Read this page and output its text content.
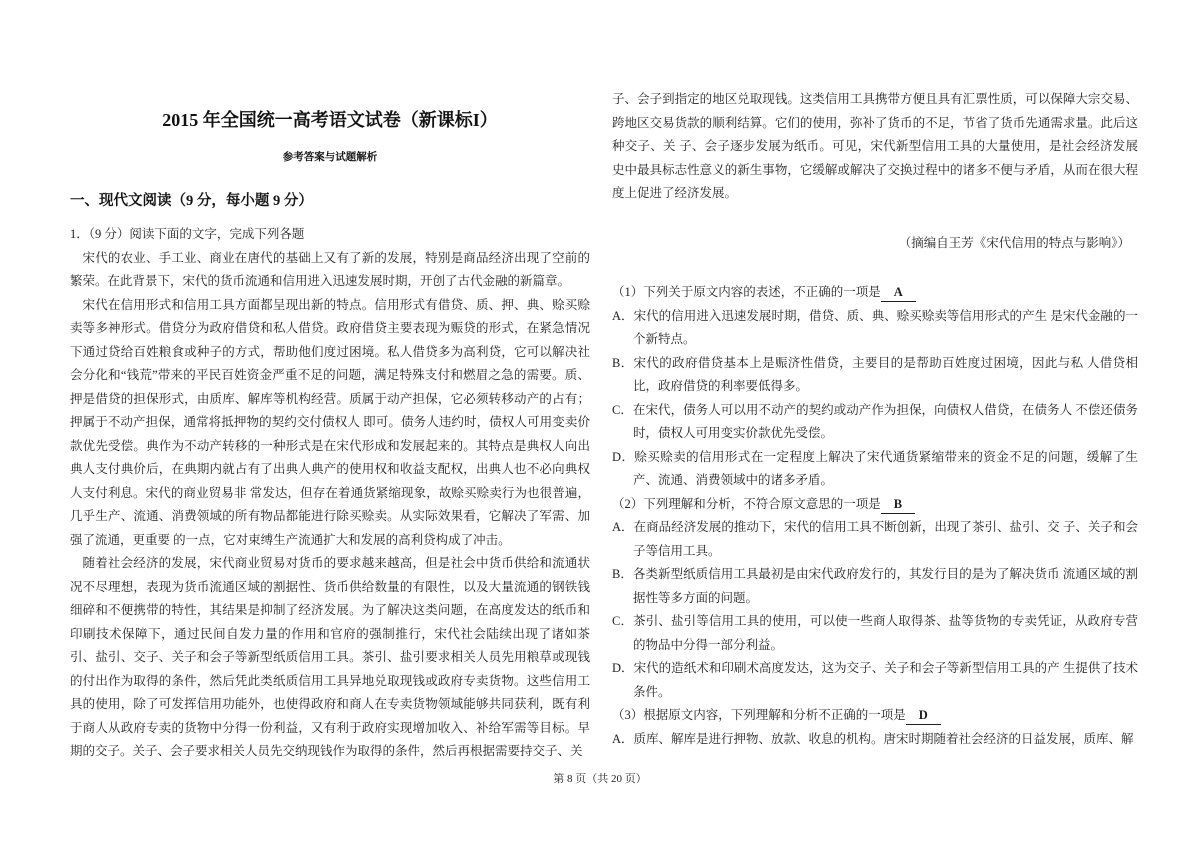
2015 年全国统一高考语文试卷（新课标I）
参考答案与试题解析
一、现代文阅读（9 分，每小题 9 分）

1．（9 分）阅读下面的文字，完成下列各题

宋代的农业、手工业、商业在唐代的基础上又有了新的发展，特别是商品经济出现了空前的繁荣。在此背景下，宋代的货币流通和信用进入迅速发展时期，开创了古代金融的新篇章。

宋代在信用形式和信用工具方面都呈现出新的特点。信用形式有借贷、质、押、典、赊买赊卖等多神形式。借贷分为政府借贷和私人借贷。政府借贷主要表现为赈贷的形式，在紧急情况下通过贷给百姓粮食或种子的方式，帮助他们度过困境。私人借贷多为高利贷，它可以解决社会分化和“钱荒”带来的平民百姓资金严重不足的问题，满足特殊支付和燃眉之急的需要。质、押是借贷的担保形式，由质库、解库等机构经营。质属于动产担保，它必须转移动产的占有；押属于不动产担保，通常将抵押物的契约交付债权人 即可。债务人违约时，债权人可用变卖价款优先受偿。典作为不动产转移的一种形式是在宋代形成和发展起来的。其特点是典权人向出典人支付典价后，在典期内就占有了出典人典产的使用权和收益支配权，出典人也不必向典权人支付利息。宋代的商业贸易非 常发达，但存在着通货紧缩现象，故赊买赊卖行为也很普遍，几乎生产、流通、消费领域的所有物品都能进行除买赊卖。从实际效果看，它解决了军需、加强了流通，更重要 的一点，它对束缚生产流通扩大和发展的高利贷构成了冲击。

随着社会经济的发展，宋代商业贸易对货币的要求越来越高，但是社会中货币供给和流通状况不尽理想，表现为货币流通区域的割据性、货币供给数量的有限性，以及大量流通的钢铁钱细碎和不便携带的特性，其结果是抑制了经济发展。为了解决这类问题，在高度发达的纸币和印刷技术保障下，通过民间自发力量的作用和官府的强制推行，宋代社会陆续出现了诸如茶引、盐引、交子、关子和会子等新型纸质信用工具。茶引、盐引要求相关人员先用粮草或现钱的付出作为取得的条件，然后凭此类纸质信用工具异地兑取现钱或政府专卖货物。这些信用工具的使用，除了可发挥信用功能外，也使得政府和商人在专卖货物领域能够共同获利，既有利于商人从政府专卖的货物中分得一份利益，又有利于政府实现增加收入、补给军需等目标。早期的交子。关子、会子要求相关人员先交纳现钱作为取得的条件，然后再根据需要持交子、关

子、会子到指定的地区兑取现钱。这类信用工具携带方便且具有汇票性质，可以保障大宗交易、跨地区交易货款的顺利结算。它们的使用，弥补了货币的不足，节省了货币先通需求量。此后这种交子、关 子、会子逐步发展为纸币。可见，宋代新型信用工具的大量使用，是社会经济发展史中最具标志性意义的新生事物，它缓解或解决了交换过程中的诸多不便与矛盾，从而在很大程度上促进了经济发展。

（摘编自王芳《宋代信用的特点与影响》）

（1）下列关于原文内容的表述，不正确的一项是 A

A．宋代的信用进入迅速发展时期，借贷、质、典、赊买赊卖等信用形式的产生 是宋代金融的一个新特点。

B．宋代的政府借贷基本上是赈济性借贷，主要目的是帮助百姓度过困境，因此与私 人借贷相比，政府借贷的利率要低得多。

C．在宋代，债务人可以用不动产的契约或动产作为担保，向债权人借贷，在债务人 不偿还债务时，债权人可用变实价款优先受偿。

D．赊买赊卖的信用形式在一定程度上解决了宋代通货紧缩带来的资金不足的问题，缓解了生产、流通、消费领域中的诸多矛盾。

（2）下列理解和分析，不符合原文意思的一项是 B

A．在商品经济发展的推动下，宋代的信用工具不断创新，出现了茶引、盐引、交 子、关子和会子等信用工具。

B．各类新型纸质信用工具最初是由宋代政府发行的，其发行目的是为了解决货币 流通区域的割据性等多方面的问题。

C．茶引、盐引等信用工具的使用，可以使一些商人取得茶、盐等货物的专卖凭证，从政府专营的物品中分得一部分利益。

D．宋代的造纸术和印刷术高度发达，这为交子、关子和会子等新型信用工具的产 生提供了技术条件。

（3）根据原文内容，下列理解和分析不正确的一项是 D

A．质库、解库是进行押物、放款、收息的机构。唐宋时期随着社会经济的日益发展，质库、解

第 8 页（共 20 页）
